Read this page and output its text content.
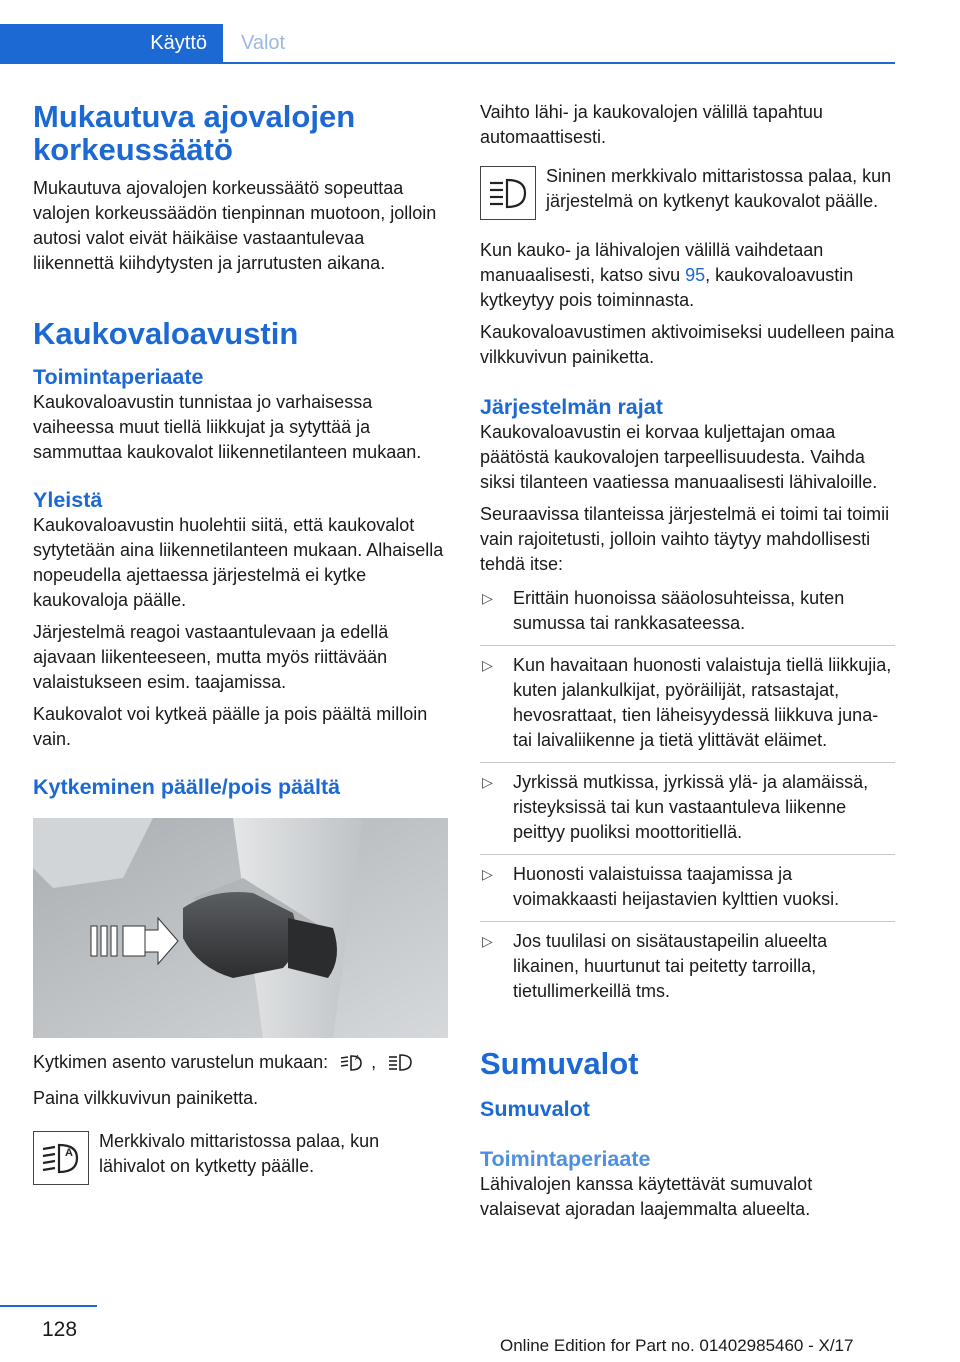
Käyttö	Valot
Mukautuva ajovalojen korkeussäätö

Mukautuva ajovalojen korkeussäätö sopeuttaa valojen korkeussäädön tienpinnan muotoon, jolloin autosi valot eivät häikäise vastaantulevaa liikennettä kiihdytysten ja jarrutusten aikana.

Kaukovaloavustin
Toimintaperiaate

Kaukovaloavustin tunnistaa jo varhaisessa vaiheessa muut tiellä liikkujat ja sytyttää ja sammuttaa kaukovalot liikennetilanteen mukaan.

Yleistä

Kaukovaloavustin huolehtii siitä, että kaukovalot sytytetään aina liikennetilanteen mukaan. Alhaisella nopeudella ajettaessa järjestelmä ei kytke kaukovaloja päälle.

Järjestelmä reagoi vastaantulevaan ja edellä ajavaan liikenteeseen, mutta myös riittävään valaistukseen esim. taajamissa.

Kaukovalot voi kytkeä päälle ja pois päältä milloin vain.

Kytkeminen päälle/pois päältä

Kytkimen asento varustelun mukaan:	A ,

Paina vilkkuvivun painiketta.

A

Merkkivalo mittaristossa palaa, kun lähivalot on kytketty päälle.

Vaihto lähi- ja kaukovalojen välillä tapahtuu automaattisesti.

Sininen merkkivalo mittaristossa palaa, kun järjestelmä on kytkenyt kaukovalot päälle.

Kun kauko- ja lähivalojen välillä vaihdetaan manuaalisesti, katso sivu 95, kaukovaloavustin kytkeytyy pois toiminnasta.

Kaukovaloavustimen aktivoimiseksi uudelleen paina vilkkuvivun painiketta.

Järjestelmän rajat

Kaukovaloavustin ei korvaa kuljettajan omaa päätöstä kaukovalojen tarpeellisuudesta. Vaihda siksi tilanteen vaatiessa manuaalisesti lähivaloille.

Seuraavissa tilanteissa järjestelmä ei toimi tai toimii vain rajoitetusti, jolloin vaihto täytyy mahdollisesti tehdä itse:

▷ Erittäin huonoissa sääolosuhteissa, kuten sumussa tai rankkasateessa.
▷ Kun havaitaan huonosti valaistuja tiellä liikkujia, kuten jalankulkijat, pyöräilijät, ratsastajat, hevosrattaat, tien läheisyydessä liikkuva juna- tai laivaliikenne ja tietä ylittävät eläimet.
▷ Jyrkissä mutkissa, jyrkissä ylä- ja alamäissä, risteyksissä tai kun vastaantuleva liikenne peittyy puoliksi moottoritiellä.
▷ Huonosti valaistuissa taajamissa ja voimakkaasti heijastavien kylttien vuoksi.
▷ Jos tuulilasi on sisätaustapeilin alueelta likainen, huurtunut tai peitetty tarroilla, tietullimerkeillä tms.
Sumuvalot
Sumuvalot
Toimintaperiaate

Lähivalojen kanssa käytettävät sumuvalot valaisevat ajoradan laajemmalta alueelta.

128
Online Edition for Part no. 01402985460 - X/17
